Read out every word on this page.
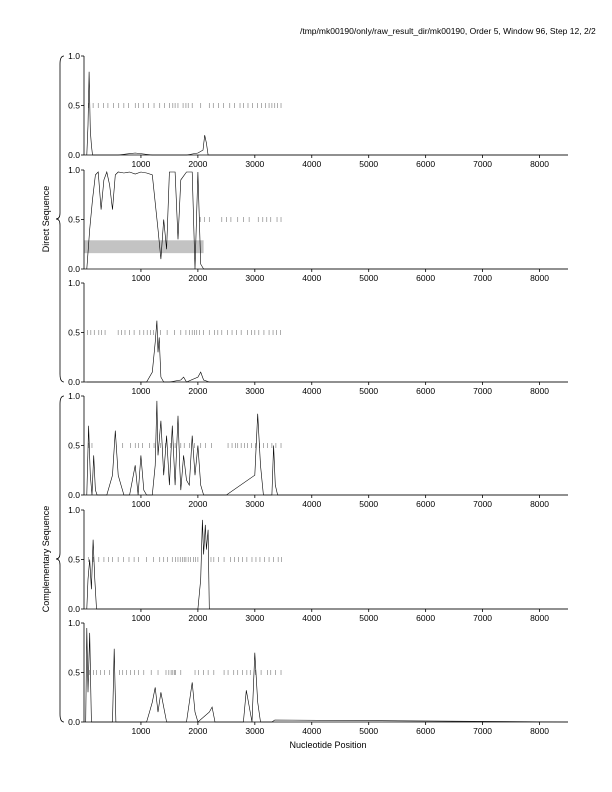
/tmp/mk00190/only/raw_result_dir/mk00190, Order 5, Window 96, Step 12, 2/2
0.0
0.5
1.0
1000	2000	3000	4000	5000	6000	7000	8000
0.0
0.5
1.0
1000	2000	3000	4000	5000	6000	7000	8000
0.0
0.5
1.0
1000	2000	3000	4000	5000	6000	7000	8000
0.0
0.5
1.0
1000	2000	3000	4000	5000	6000	7000	8000
0.0
0.5
1.0
1000	2000	3000	4000	5000	6000	7000	8000
0.0
0.5
1.0
1000	2000	3000	4000	5000	6000	7000	8000
Direct Sequence
Complementary Sequence
Nucleotide Position
